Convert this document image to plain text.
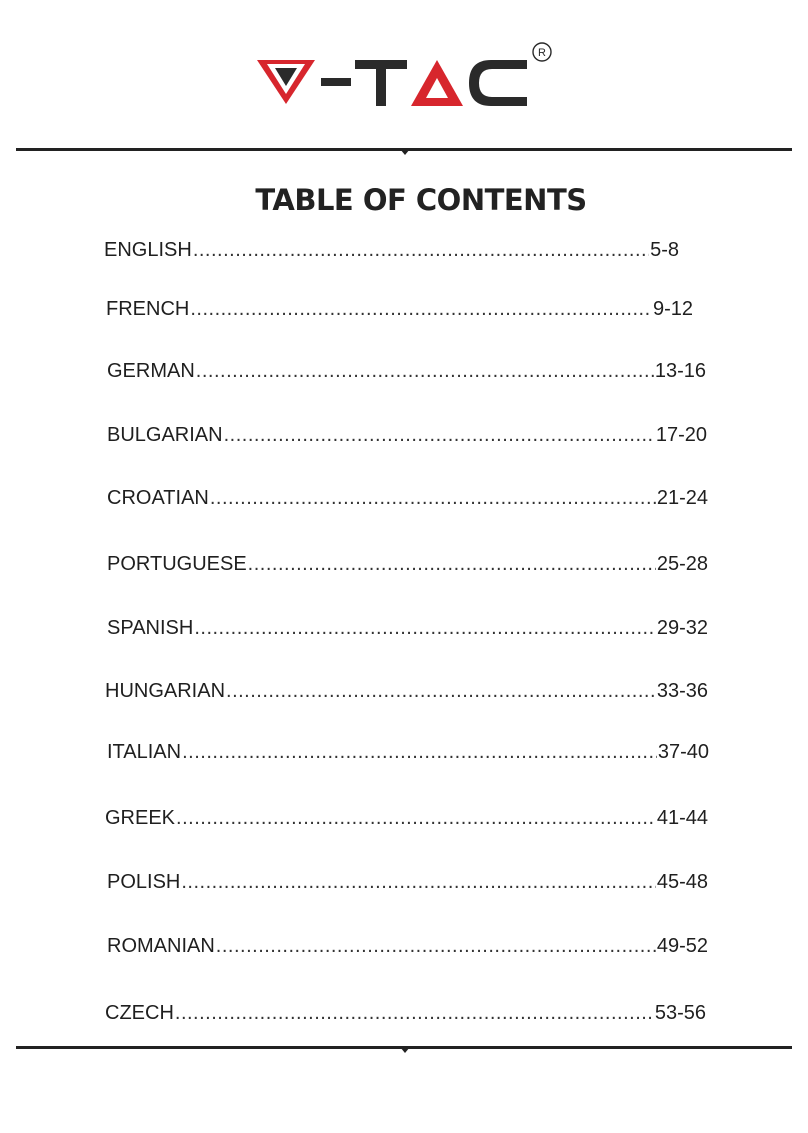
R
TABLE OF CONTENTS
ENGLISH .....	5-8
FRENCH .....	9-12
GERMAN .....	13-16
BULGARIAN .....	17-20
CROATIAN .....	21-24
PORTUGUESE .....	25-28
SPANISH .....	29-32
HUNGARIAN .....	33-36
ITALIAN .....	37-40
GREEK .....	41-44
POLISH .....	45-48
ROMANIAN .....	49-52
CZECH .....	53-56
